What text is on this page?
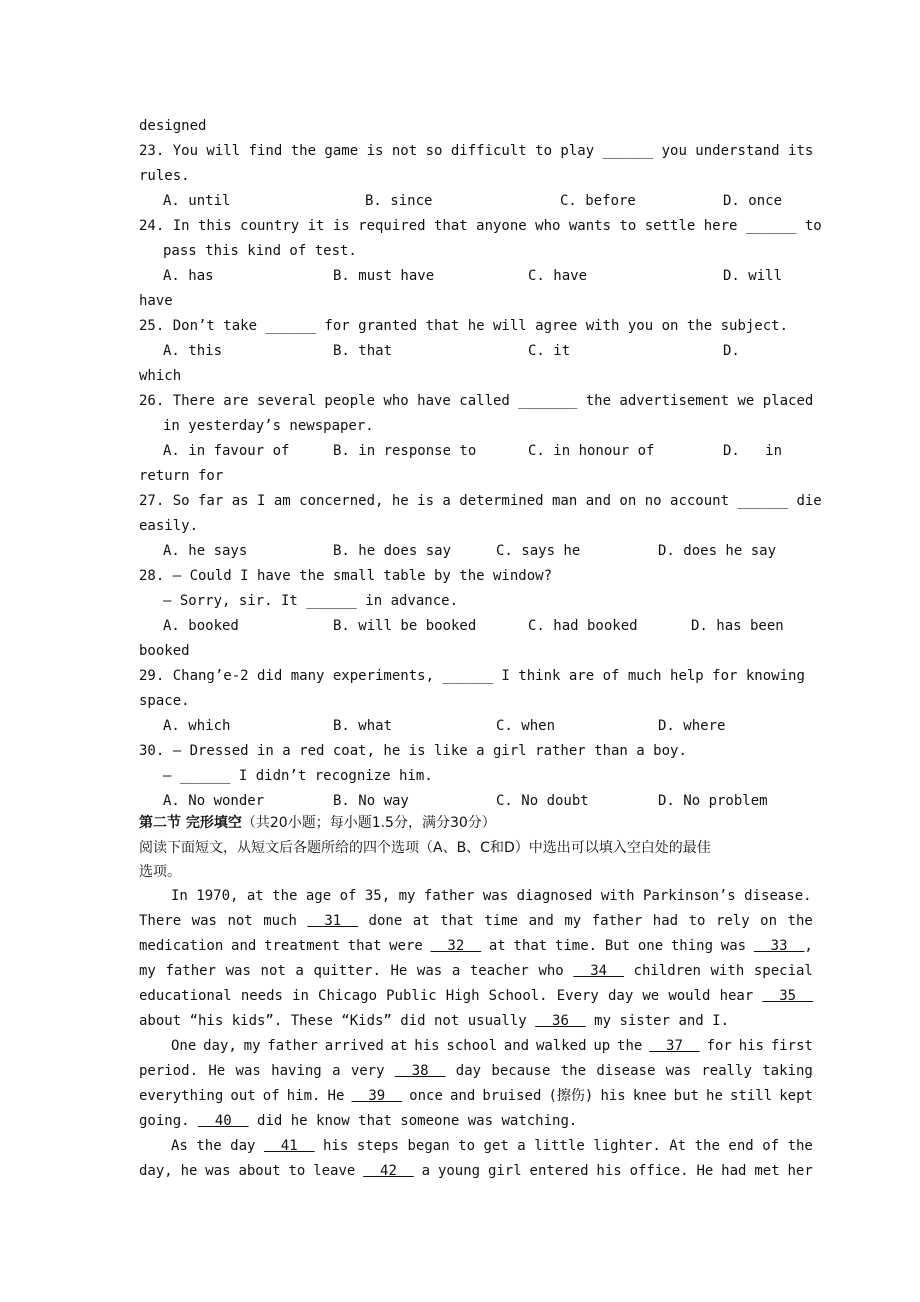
designed
23. You will find the game is not so difficult to play ______ you understand its
rules.
A. until	B. since	C. before	D. once
24. In this country it is required that anyone who wants to settle here ______ to
pass this kind of test.
A. has	B. must have	C. have	D. will
have
25. Don’t take ______ for granted that he will agree with you on the subject.
A. this	B. that	C. it	D.
which
26. There are several people who have called _______ the advertisement we placed
in yesterday’s newspaper.
A. in favour of	B. in response to	C. in honour of	D.   in
return for
27. So far as I am concerned, he is a determined man and on no account ______ die
easily.
A. he says	B. he does say	C. says he	D. does he say
28. — Could I have the small table by the window?
— Sorry, sir. It ______ in advance.
A. booked	B. will be booked	C. had booked	D. has been
booked
29. Chang’e-2 did many experiments, ______ I think are of much help for knowing
space.
A. which	B. what	C. when	D. where
30. — Dressed in a red coat, he is like a girl rather than a boy.
— ______ I didn’t recognize him.
A. No wonder	B. No way	C. No doubt	D. No problem
第二节 完形填空（共20小题；每小题1.5分，满分30分）
阅读下面短文，从短文后各题所给的四个选项（A、B、C和D）中选出可以填入空白处的最佳
选项。
In 1970, at the age of 35, my father was diagnosed with Parkinson’s disease.
There was not much 31 done at that time and my father had to rely on the
medication and treatment that were 32 at that time. But one thing was 33  ,
my father was not a quitter. He was a teacher who 34 children with special
educational needs in Chicago Public High School. Every day we would hear 35
about “his kids”. These “Kids” did not usually   36   my sister and I.
One day, my father arrived at his school and walked up the 37 for his first
period. He was having a very 38 day because the disease was really taking
everything out of him. He 39 once and bruised (擦伤) his knee but he still kept
going.   40   did he know that someone was watching.
As the day 41 his steps began to get a little lighter. At the end of the
day, he was about to leave 42 a young girl entered his office. He had met her
